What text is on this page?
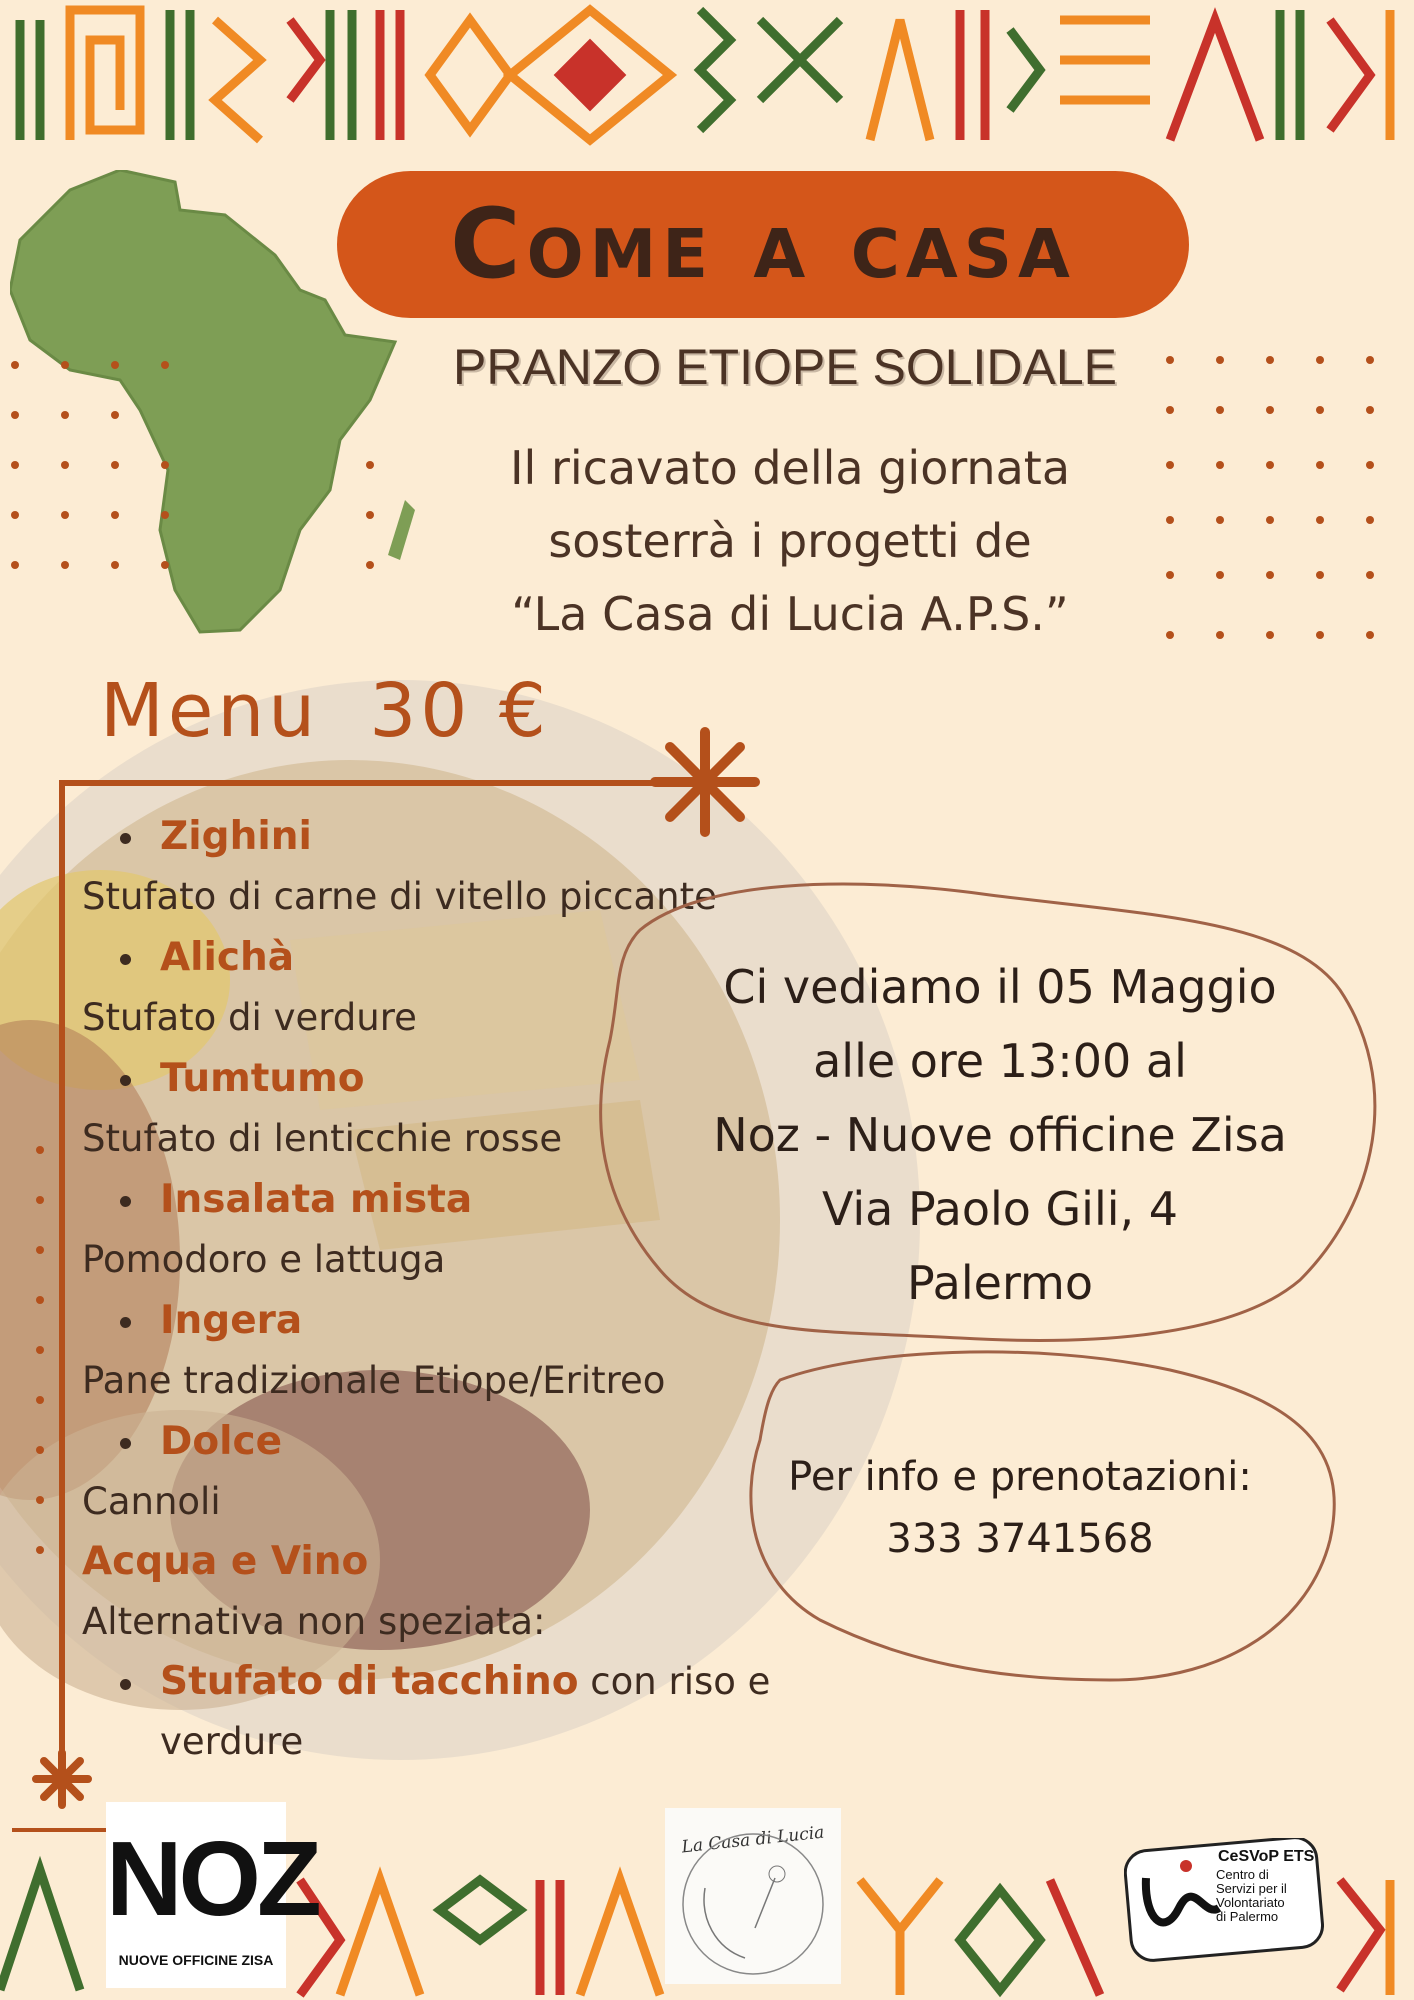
Come a casa
PRANZO ETIOPE SOLIDALE
Il ricavato della giornata
sosterrà i progetti de
“La Casa di Lucia A.P.S.”
Menu 30 €
Zighini
Stufato di carne di vitello piccante
Alichà
Stufato di verdure
Tumtumo
Stufato di lenticchie rosse
Insalata mista
Pomodoro e lattuga
Ingera
Pane tradizionale Etiope/Eritreo
Dolce
Cannoli
Acqua e Vino
Alternativa non speziata:
Stufato di tacchino con riso e verdure
Ci vediamo il 05 Maggio
alle ore 13:00 al
Noz - Nuove officine Zisa
Via Paolo Gili, 4
Palermo
Per info e prenotazioni:
333 3741568
NOZ
NUOVE OFFICINE ZISA
La Casa di Lucia	CeSVoP ETS
Centro di
Servizi per il
Volontariato
di Palermo
